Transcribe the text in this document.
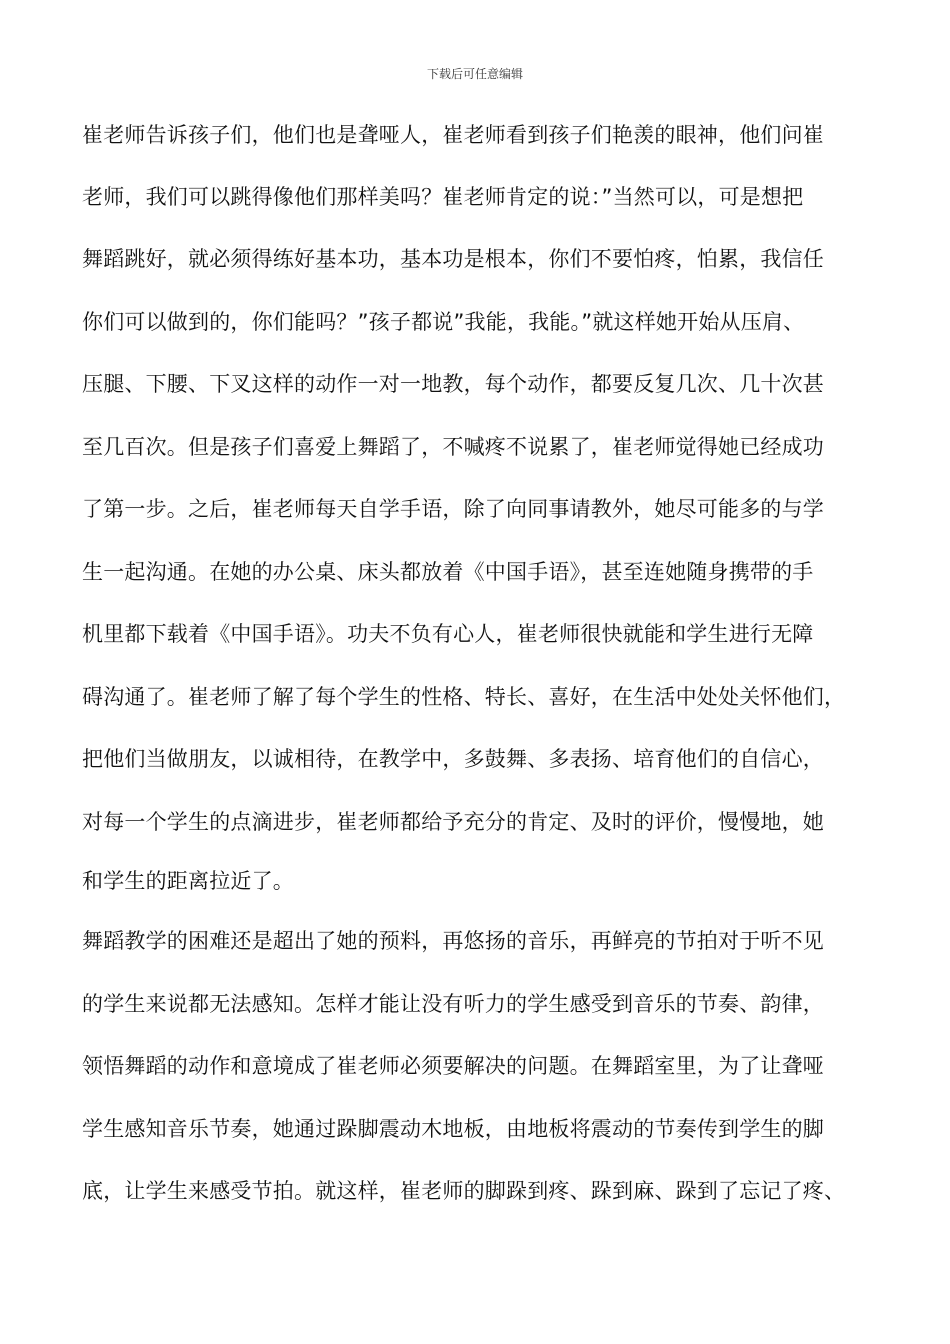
下载后可任意编辑
崔老师告诉孩子们，他们也是聋哑人，崔老师看到孩子们艳羡的眼神，他们问崔
老师，我们可以跳得像他们那样美吗？崔老师肯定的说：”当然可以，可是想把
舞蹈跳好，就必须得练好基本功，基本功是根本，你们不要怕疼，怕累，我信任
你们可以做到的，你们能吗？”孩子都说”我能，我能。”就这样她开始从压肩、
压腿、下腰、下叉这样的动作一对一地教，每个动作，都要反复几次、几十次甚
至几百次。但是孩子们喜爱上舞蹈了，不喊疼不说累了，崔老师觉得她已经成功
了第一步。之后，崔老师每天自学手语，除了向同事请教外，她尽可能多的与学
生一起沟通。在她的办公桌、床头都放着《中国手语》，甚至连她随身携带的手
机里都下载着《中国手语》。功夫不负有心人，崔老师很快就能和学生进行无障
碍沟通了。崔老师了解了每个学生的性格、特长、喜好，在生活中处处关怀他们，
把他们当做朋友，以诚相待，在教学中，多鼓舞、多表扬、培育他们的自信心，
对每一个学生的点滴进步，崔老师都给予充分的肯定、及时的评价，慢慢地，她
和学生的距离拉近了。
舞蹈教学的困难还是超出了她的预料，再悠扬的音乐，再鲜亮的节拍对于听不见
的学生来说都无法感知。怎样才能让没有听力的学生感受到音乐的节奏、韵律，
领悟舞蹈的动作和意境成了崔老师必须要解决的问题。在舞蹈室里，为了让聋哑
学生感知音乐节奏，她通过跺脚震动木地板，由地板将震动的节奏传到学生的脚
底，让学生来感受节拍。就这样，崔老师的脚跺到疼、跺到麻、跺到了忘记了疼、
